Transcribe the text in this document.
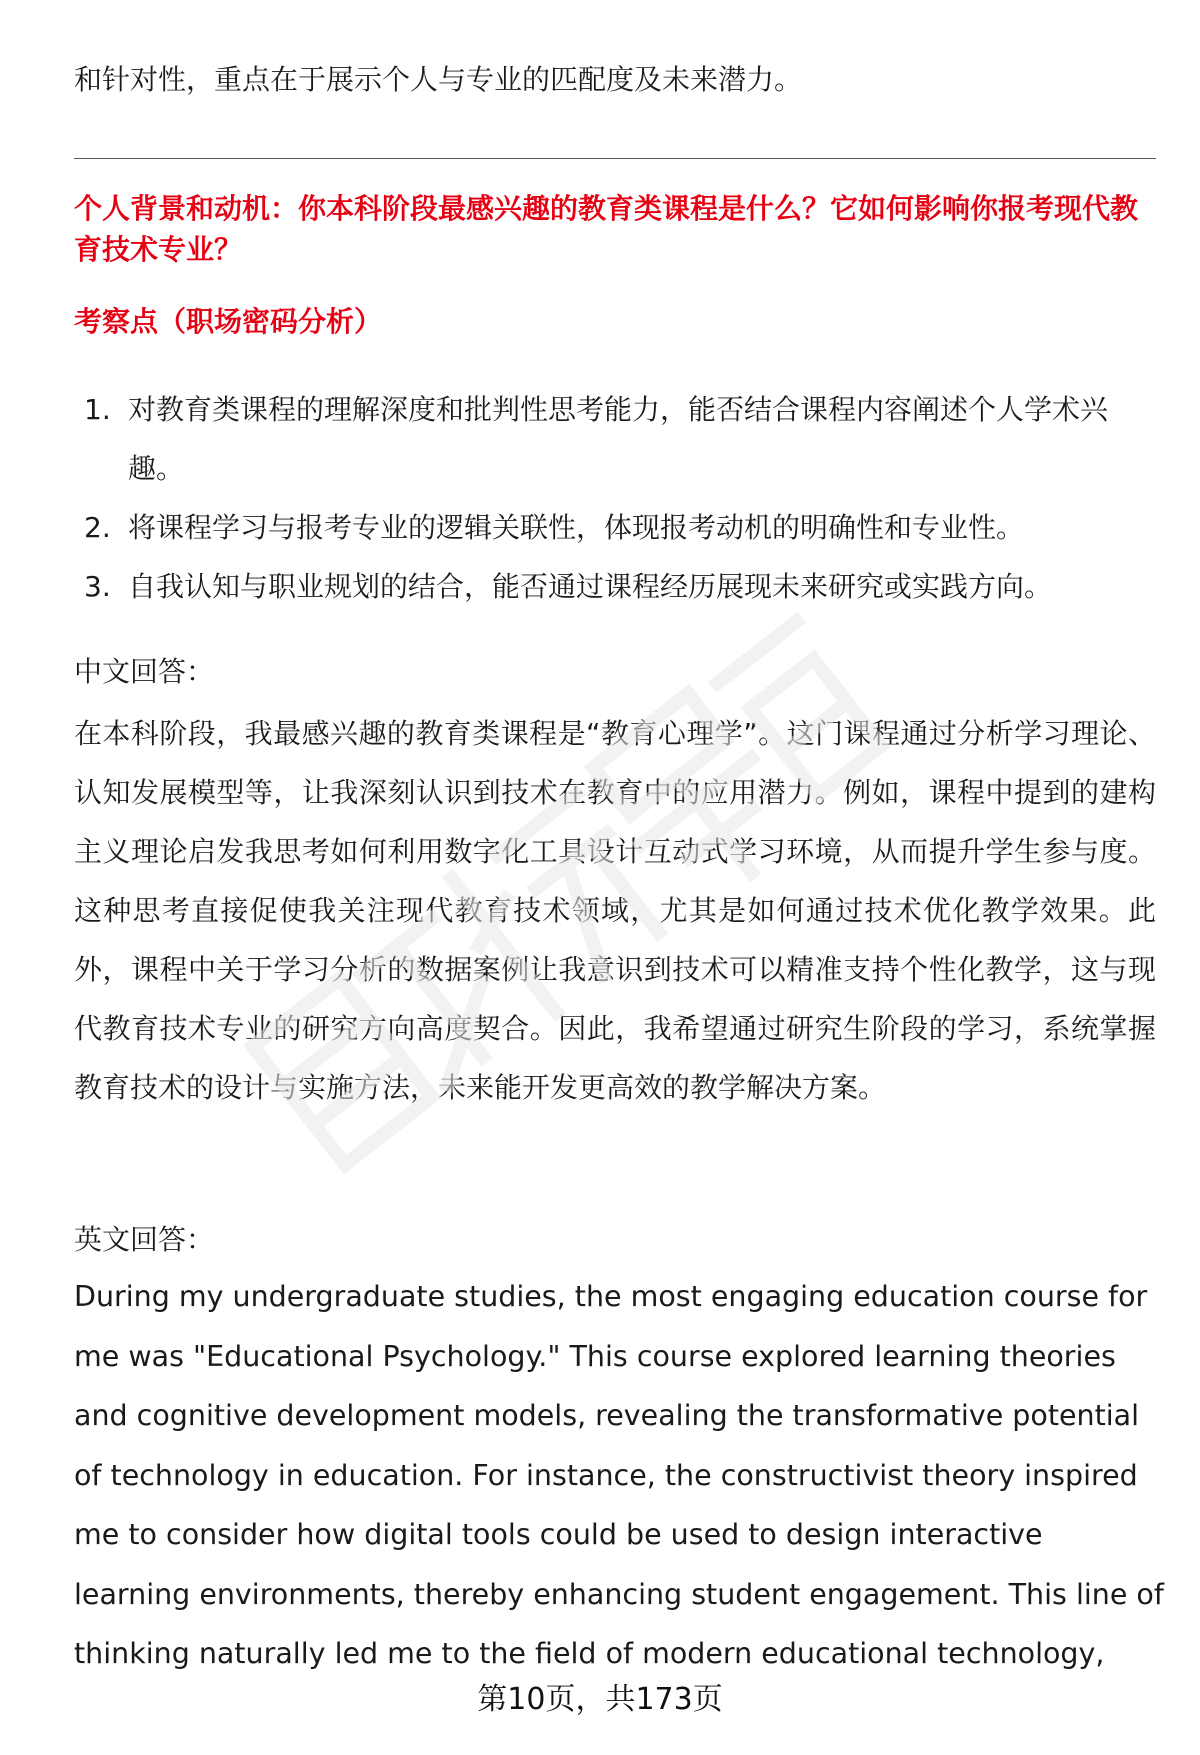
和针对性，重点在于展示个人与专业的匹配度及未来潜力。
个人背景和动机：你本科阶段最感兴趣的教育类课程是什么？它如何影响你报考现代教育技术专业？
考察点（职场密码分析）
1. 对教育类课程的理解深度和批判性思考能力，能否结合课程内容阐述个人学术兴趣。
2. 将课程学习与报考专业的逻辑关联性，体现报考动机的明确性和专业性。
3. 自我认知与职业规划的结合，能否通过课程经历展现未来研究或实践方向。
中文回答：
在本科阶段，我最感兴趣的教育类课程是“教育心理学”。这门课程通过分析学习理论、认知发展模型等，让我深刻认识到技术在教育中的应用潜力。例如，课程中提到的建构主义理论启发我思考如何利用数字化工具设计互动式学习环境，从而提升学生参与度。这种思考直接促使我关注现代教育技术领域，尤其是如何通过技术优化教学效果。此外，课程中关于学习分析的数据案例让我意识到技术可以精准支持个性化教学，这与现代教育技术专业的研究方向高度契合。因此，我希望通过研究生阶段的学习，系统掌握教育技术的设计与实施方法，未来能开发更高效的教学解决方案。
英文回答：
During my undergraduate studies, the most engaging education course for
me was "Educational Psychology." This course explored learning theories
and cognitive development models, revealing the transformative potential
of technology in education. For instance, the constructivist theory inspired
me to consider how digital tools could be used to design interactive
learning environments, thereby enhancing student engagement. This line of
thinking naturally led me to the field of modern educational technology,
第10页，共173页
